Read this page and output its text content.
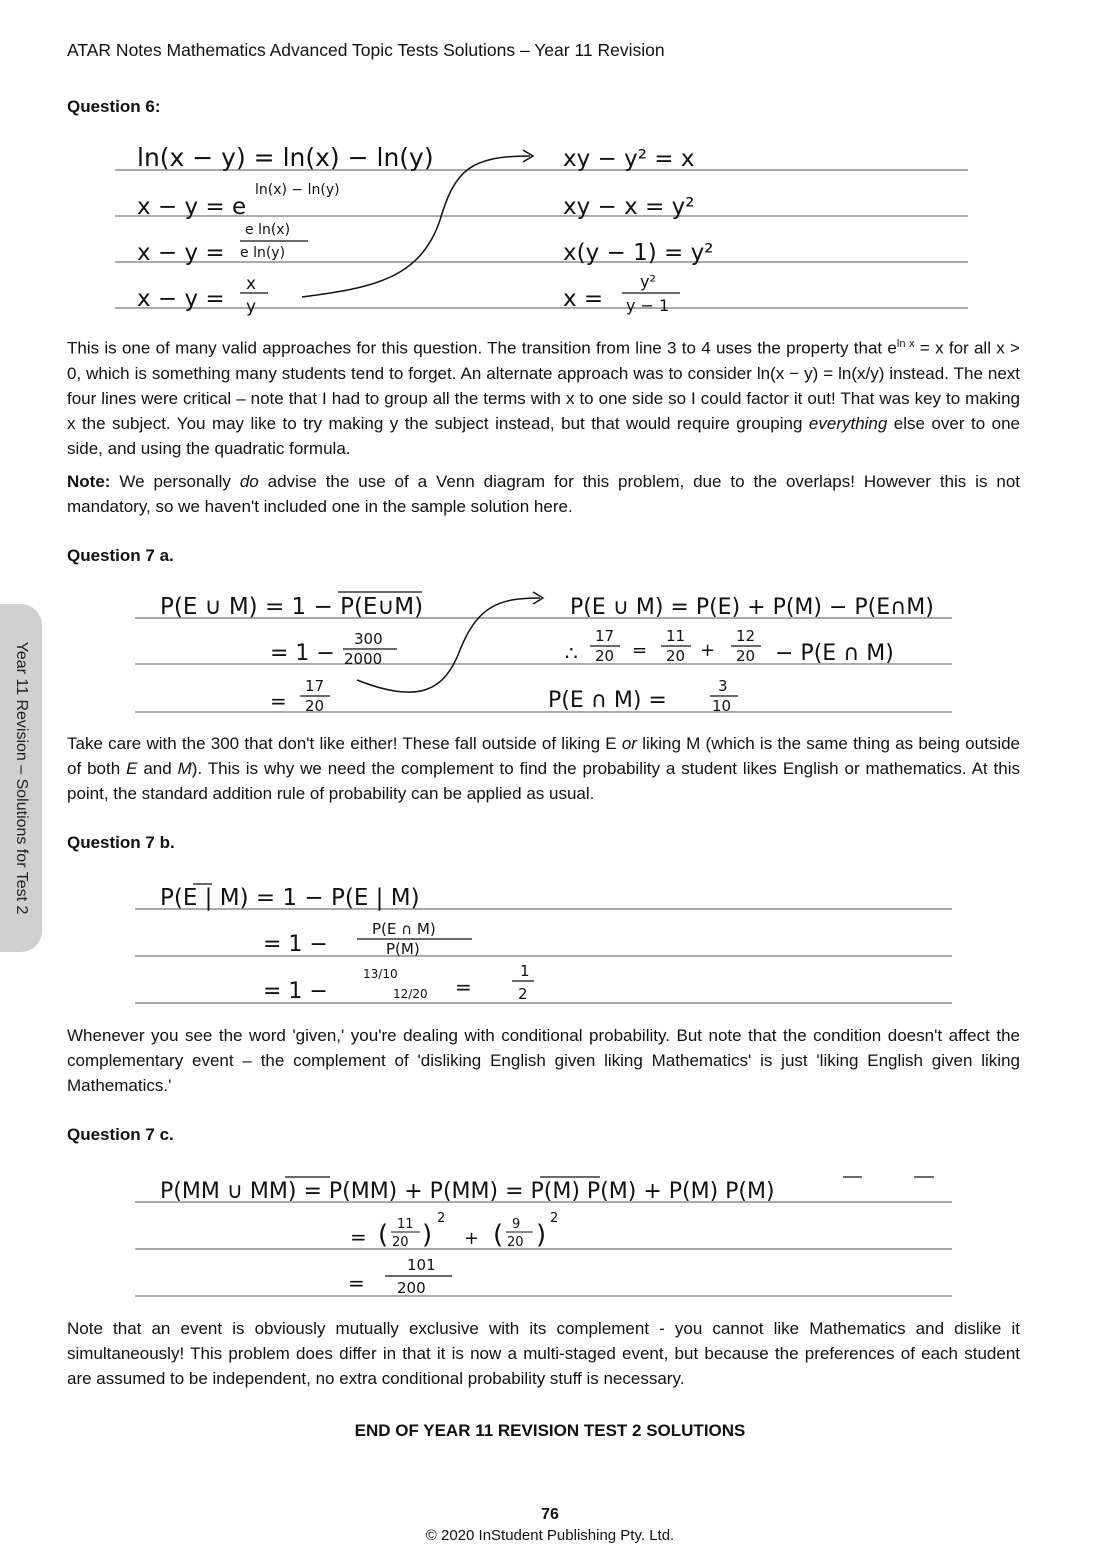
ATAR Notes Mathematics Advanced Topic Tests Solutions – Year 11 Revision
Year 11 Revision – Solutions for Test 2
Question 6:
ln(x − y) = ln(x) − ln(y)
x − y = e
ln(x) − ln(y)
x − y =
e ln(x)
e ln(y)
x − y =
x
y
xy − y² = x
xy − x = y²
x(y − 1) = y²
x =
y²
y − 1

This is one of many valid approaches for this question. The transition from line 3 to 4 uses the property that $e^{ln x} = x$ for all x > 0, which is something many students tend to forget. An alternate approach was to consider ln(x − y) = ln(x/y) instead. The next four lines were critical – note that I had to group all the terms with x to one side so I could factor it out! That was key to making x the subject. You may like to try making y the subject instead, but that would require grouping everything else over to one side, and using the quadratic formula.

Note: We personally do advise the use of a Venn diagram for this problem, due to the overlaps! However this is not mandatory, so we haven't included one in the sample solution here.

Question 7 a.
P(E ∪ M) = 1 − P(E∪M)
= 1 −
300
2000
=
17
20
P(E ∪ M) = P(E) + P(M) − P(E∩M)
∴
17
20 =
11
20 +
12
20 − P(E ∩ M)
P(E ∩ M) =
3
10

Take care with the 300 that don't like either! These fall outside of liking E or liking M (which is the same thing as being outside of both E and M). This is why we need the complement to find the probability a student likes English or mathematics. At this point, the standard addition rule of probability can be applied as usual.

Question 7 b.
P(E | M) = 1 − P(E | M)
= 1 −
P(E ∩ M)
P(M)
= 1 −
13/10
12/20 =
1
2

Whenever you see the word 'given,' you're dealing with conditional probability. But note that the condition doesn't affect the complementary event – the complement of 'disliking English given liking Mathematics' is just 'liking English given liking Mathematics.'

Question 7 c.
P(MM ∪ MM) = P(MM) + P(MM) = P(M) P(M) + P(M) P(M)
= ( 11
20 )
2
+ ( 9
20 )
2
=
101
200

Note that an event is obviously mutually exclusive with its complement - you cannot like Mathematics and dislike it simultaneously! This problem does differ in that it is now a multi-staged event, but because the preferences of each student are assumed to be independent, no extra conditional probability stuff is necessary.

END OF YEAR 11 REVISION TEST 2 SOLUTIONS
76
© 2020 InStudent Publishing Pty. Ltd.
